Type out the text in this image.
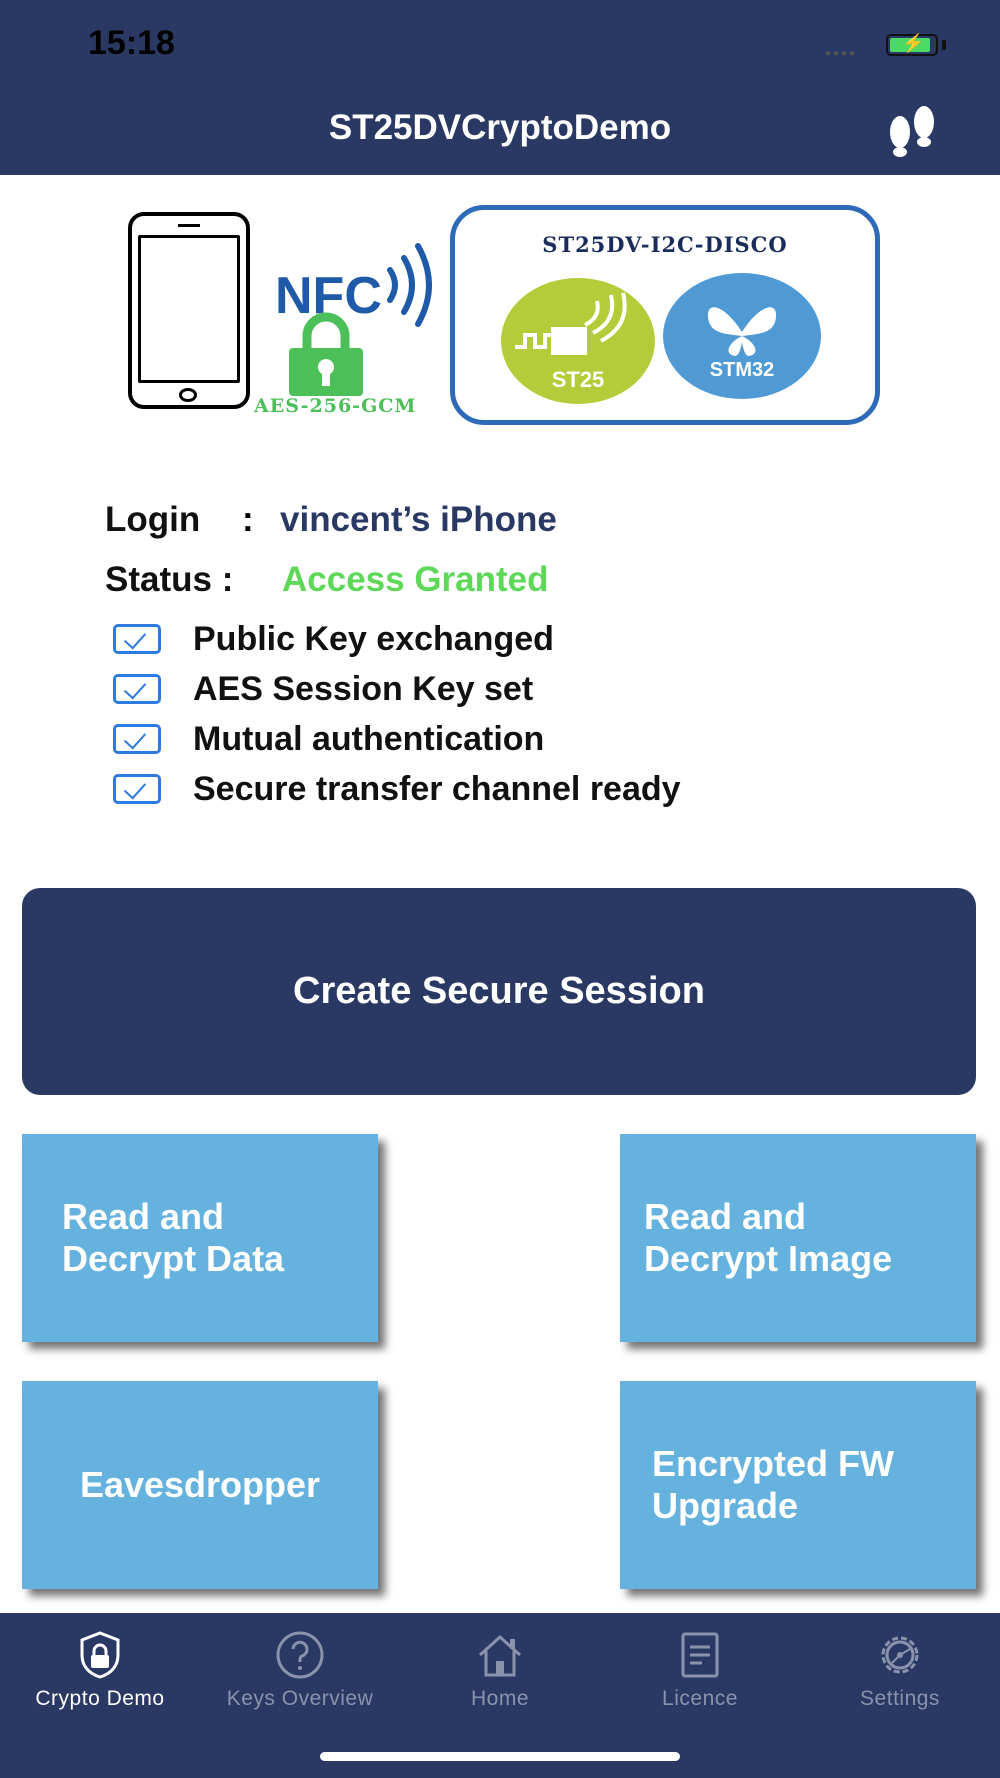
15:18	●●●●
⚡
ST25DVCryptoDemo
NFC
AES-256-GCM
ST25DV-I2C-DISCO
ST25	STM32
Login : vincent’s iPhone
Status : Access Granted
Public Key exchanged
AES Session Key set
Mutual authentication
Secure transfer channel ready
Create Secure Session
Read and
Decrypt Data
Read and
Decrypt Image
Eavesdropper
Encrypted FW
Upgrade
Crypto Demo	Keys Overview	Home	Licence	Settings
